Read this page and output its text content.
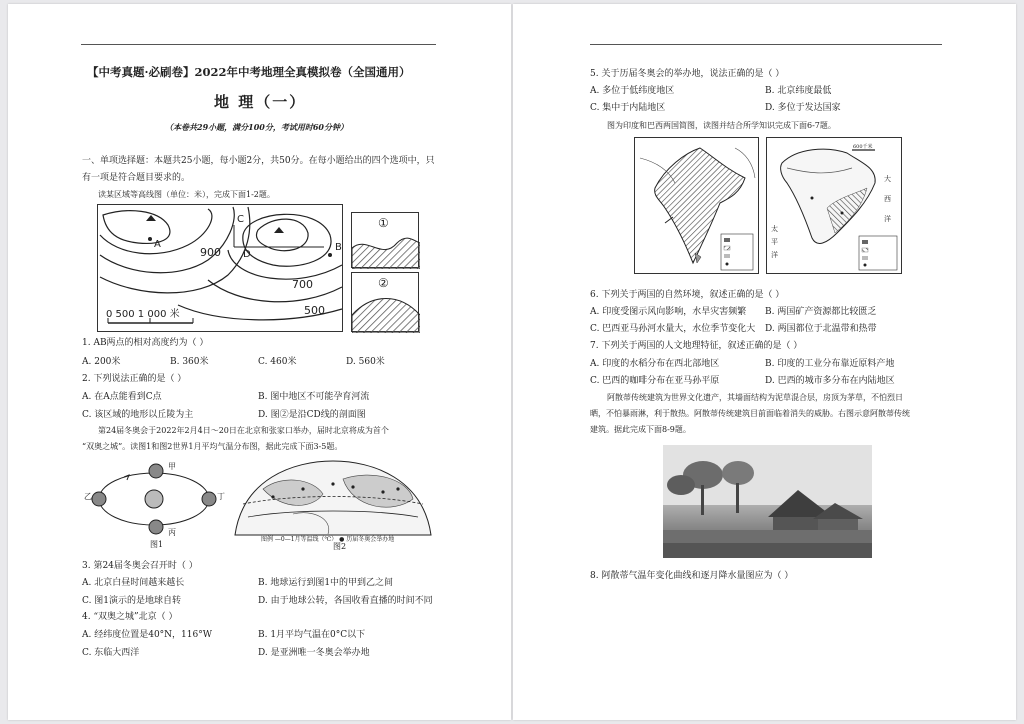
【中考真题·必刷卷】2022年中考地理全真模拟卷（全国通用）
地 理（一）
（本卷共29小题，满分100分，考试用时60分钟）
一、单项选择题：本题共25小题，每小题2分，共50分。在每小题给出的四个选项中，只
有一项是符合题目要求的。
读某区域等高线图（单位：米），完成下面1-2题。
A	B
C
D
900
700
500
0 500 1 000 米
①
②
1. AB两点的相对高度约为（ ）
A. 200米	B. 360米	C. 460米	D. 560米
2. 下列说法正确的是（ ）
A. 在A点能看到C点	B. 图中地区不可能孕育河流
C. 该区域的地形以丘陵为主	D. 图②是沿CD线的剖面图
第24届冬奥会于2022年2月4日～20日在北京和张家口举办，届时北京将成为首个
“双奥之城”。读图1和图2世界1月平均气温分布图，据此完成下面3-5题。
甲
乙
丙
丁
图1
图例 —0—1月等温线（℃） ● 历届冬奥会举办地
图2
3. 第24届冬奥会召开时（ ）
A. 北京白昼时间越来越长	B. 地球运行到图1中的甲到乙之间
C. 图1演示的是地球自转	D. 由于地球公转，各国收看直播的时间不同
4. “双奥之城”北京（ ）
A. 经纬度位置是40°N，116°W	B. 1月平均气温在0°C以下
C. 东临大西洋	D. 是亚洲唯一冬奥会举办地
5. 关于历届冬奥会的举办地，说法正确的是（ ）
A. 多位于低纬度地区	B. 北京纬度最低
C. 集中于内陆地区	D. 多位于发达国家
图为印度和巴西两国简图，读图并结合所学知识完成下面6-7题。
600千米
大
西
洋
太
平
洋
6. 下列关于两国的自然环境，叙述正确的是（ ）
A. 印度受图示风向影响，水旱灾害频繁 B. 两国矿产资源都比较匮乏
C. 巴西亚马孙河水量大，水位季节变化大 D. 两国都位于北温带和热带
7. 下列关于两国的人文地理特征，叙述正确的是（ ）
A. 印度的水稻分布在西北部地区	B. 印度的工业分布靠近原料产地
C. 巴西的咖啡分布在亚马孙平原	D. 巴西的城市多分布在内陆地区
阿散蒂传统建筑为世界文化遗产，其墙面结构为泥草混合层，房顶为茅草，不怕烈日
晒，不怕暴雨淋，利于散热。阿散蒂传统建筑目前面临着消失的威胁。右图示意阿散蒂传统
建筑。据此完成下面8-9题。
8. 阿散蒂气温年变化曲线和逐月降水量图应为（ ）
